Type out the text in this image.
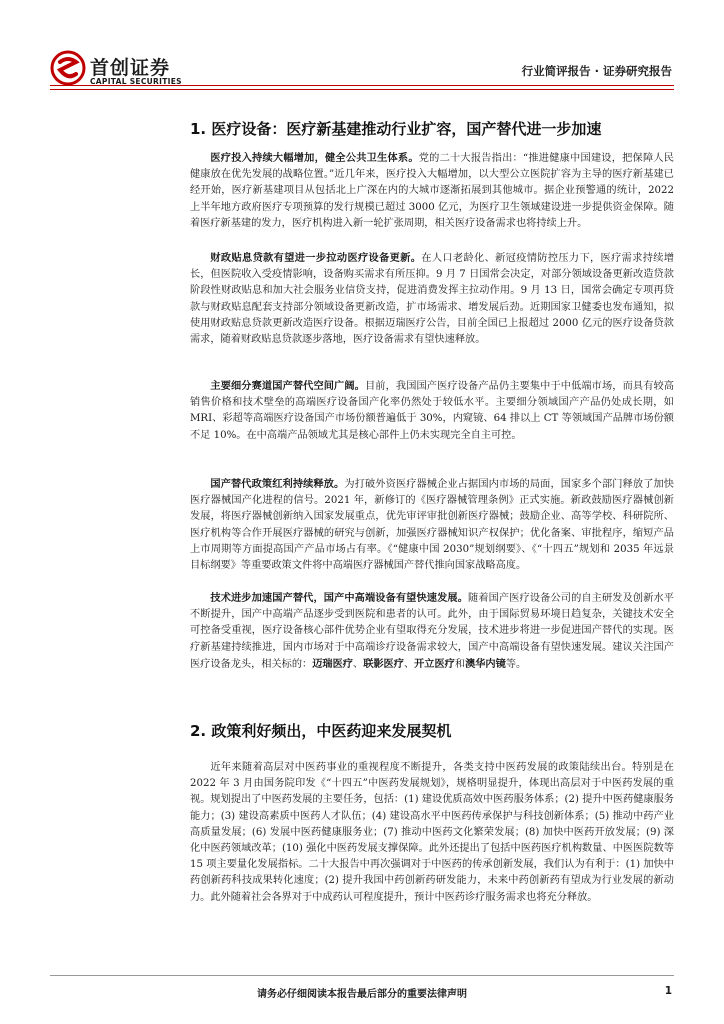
首创证券
CAPITAL SECURITIES
行业简评报告 · 证券研究报告
1. 医疗设备：医疗新基建推动行业扩容，国产替代进一步加速
医疗投入持续大幅增加，健全公共卫生体系。党的二十大报告指出：“推进健康中国建设，把保障人民健康放在优先发展的战略位置。”近几年来，医疗投入大幅增加，以大型公立医院扩容为主导的医疗新基建已经开始，医疗新基建项目从包括北上广深在内的大城市逐渐拓展到其他城市。据企业预警通的统计，2022 上半年地方政府医疗专项预算的发行规模已超过 3000 亿元，为医疗卫生领域建设进一步提供资金保障。随着医疗新基建的发力，医疗机构进入新一轮扩张周期，相关医疗设备需求也将持续上升。
财政贴息贷款有望进一步拉动医疗设备更新。在人口老龄化、新冠疫情防控压力下，医疗需求持续增长，但医院收入受疫情影响，设备购买需求有所压抑。9 月 7 日国常会决定，对部分领域设备更新改造贷款阶段性财政贴息和加大社会服务业信贷支持，促进消费发挥主拉动作用。9 月 13 日，国常会确定专项再贷款与财政贴息配套支持部分领域设备更新改造，扩市场需求、增发展后劲。近期国家卫健委也发布通知，拟使用财政贴息贷款更新改造医疗设备。根据迈瑞医疗公告，目前全国已上报超过 2000 亿元的医疗设备贷款需求，随着财政贴息贷款逐步落地，医疗设备需求有望快速释放。
主要细分赛道国产替代空间广阔。目前，我国国产医疗设备产品仍主要集中于中低端市场，而具有较高销售价格和技术壁垒的高端医疗设备国产化率仍然处于较低水平。主要细分领域国产产品仍处成长期，如 MRI、彩超等高端医疗设备国产市场份额普遍低于 30%，内窥镜、64 排以上 CT 等领域国产品牌市场份额不足 10%。在中高端产品领域尤其是核心部件上仍未实现完全自主可控。
国产替代政策红利持续释放。为打破外资医疗器械企业占据国内市场的局面，国家多个部门释放了加快医疗器械国产化进程的信号。2021 年，新修订的《医疗器械管理条例》正式实施。新政鼓励医疗器械创新发展，将医疗器械创新纳入国家发展重点，优先审评审批创新医疗器械；鼓励企业、高等学校、科研院所、医疗机构等合作开展医疗器械的研究与创新，加强医疗器械知识产权保护；优化备案、审批程序，缩短产品上市周期等方面提高国产产品市场占有率。《“健康中国 2030”规划纲要》、《“十四五”规划和 2035 年远景目标纲要》等重要政策文件将中高端医疗器械国产替代推向国家战略高度。
技术进步加速国产替代，国产中高端设备有望快速发展。随着国产医疗设备公司的自主研发及创新水平不断提升，国产中高端产品逐步受到医院和患者的认可。此外，由于国际贸易环境日趋复杂，关键技术安全可控备受重视，医疗设备核心部件优势企业有望取得充分发展，技术进步将进一步促进国产替代的实现。医疗新基建持续推进，国内市场对于中高端诊疗设备需求较大，国产中高端设备有望快速发展。建议关注国产医疗设备龙头，相关标的：迈瑞医疗、联影医疗、开立医疗和澳华内镜等。
2. 政策利好频出，中医药迎来发展契机
近年来随着高层对中医药事业的重视程度不断提升，各类支持中医药发展的政策陆续出台。特别是在 2022 年 3 月由国务院印发《“十四五”中医药发展规划》，规格明显提升，体现出高层对于中医药发展的重视。规划提出了中医药发展的主要任务，包括：(1) 建设优质高效中医药服务体系；(2) 提升中医药健康服务能力；(3) 建设高素质中医药人才队伍；(4) 建设高水平中医药传承保护与科技创新体系；(5) 推动中药产业高质量发展；(6) 发展中医药健康服务业；(7) 推动中医药文化繁荣发展；(8) 加快中医药开放发展；(9) 深化中医药领域改革；(10) 强化中医药发展支撑保障。此外还提出了包括中医药医疗机构数量、中医医院数等 15 项主要量化发展指标。二十大报告中再次强调对于中医药的传承创新发展，我们认为有利于：(1) 加快中药创新药科技成果转化速度；(2) 提升我国中药创新药研发能力，未来中药创新药有望成为行业发展的新动力。此外随着社会各界对于中成药认可程度提升，预计中医药诊疗服务需求也将充分释放。
请务必仔细阅读本报告最后部分的重要法律声明	1
